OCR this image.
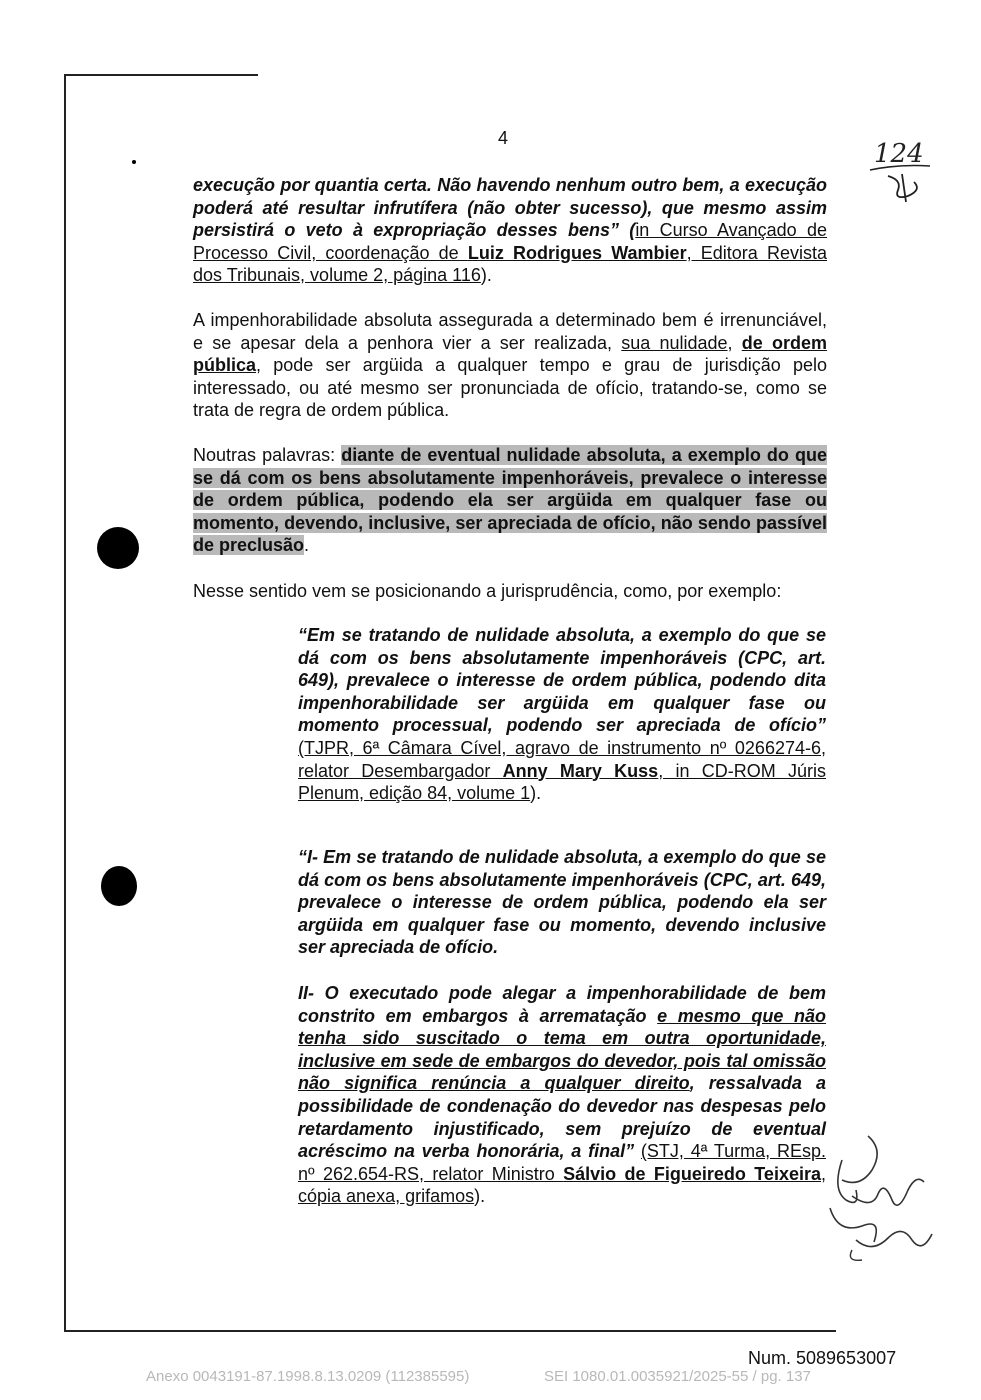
4
124
execução por quantia certa. Não havendo nenhum outro bem, a execução poderá até resultar infrutífera (não obter sucesso), que mesmo assim persistirá o veto à expropriação desses bens” (in Curso Avançado de Processo Civil, coordenação de Luiz Rodrigues Wambier, Editora Revista dos Tribunais, volume 2, página 116).
A impenhorabilidade absoluta assegurada a determinado bem é irrenunciável, e se apesar dela a penhora vier a ser realizada, sua nulidade, de ordem pública, pode ser argüida a qualquer tempo e grau de jurisdição pelo interessado, ou até mesmo ser pronunciada de ofício, tratando-se, como se trata de regra de ordem pública.
Noutras palavras: diante de eventual nulidade absoluta, a exemplo do que se dá com os bens absolutamente impenhoráveis, prevalece o interesse de ordem pública, podendo ela ser argüida em qualquer fase ou momento, devendo, inclusive, ser apreciada de ofício, não sendo passível de preclusão.
Nesse sentido vem se posicionando a jurisprudência, como, por exemplo:
“Em se tratando de nulidade absoluta, a exemplo do que se dá com os bens absolutamente impenhoráveis (CPC, art. 649), prevalece o interesse de ordem pública, podendo dita impenhorabilidade ser argüida em qualquer fase ou momento processual, podendo ser apreciada de ofício” (TJPR, 6ª Câmara Cível, agravo de instrumento nº 0266274-6, relator Desembargador Anny Mary Kuss, in CD-ROM Júris Plenum, edição 84, volume 1).
“I- Em se tratando de nulidade absoluta, a exemplo do que se dá com os bens absolutamente impenhoráveis (CPC, art. 649, prevalece o interesse de ordem pública, podendo ela ser argüida em qualquer fase ou momento, devendo inclusive ser apreciada de ofício.
II- O executado pode alegar a impenhorabilidade de bem constrito em embargos à arrematação e mesmo que não tenha sido suscitado o tema em outra oportunidade, inclusive em sede de embargos do devedor, pois tal omissão não significa renúncia a qualquer direito, ressalvada a possibilidade de condenação do devedor nas despesas pelo retardamento injustificado, sem prejuízo de eventual acréscimo na verba honorária, a final” (STJ, 4ª Turma, REsp. nº 262.654-RS, relator Ministro Sálvio de Figueiredo Teixeira, cópia anexa, grifamos).
Num. 5089653007
Anexo 0043191-87.1998.8.13.0209 (112385595)	SEI 1080.01.0035921/2025-55 / pg. 137
